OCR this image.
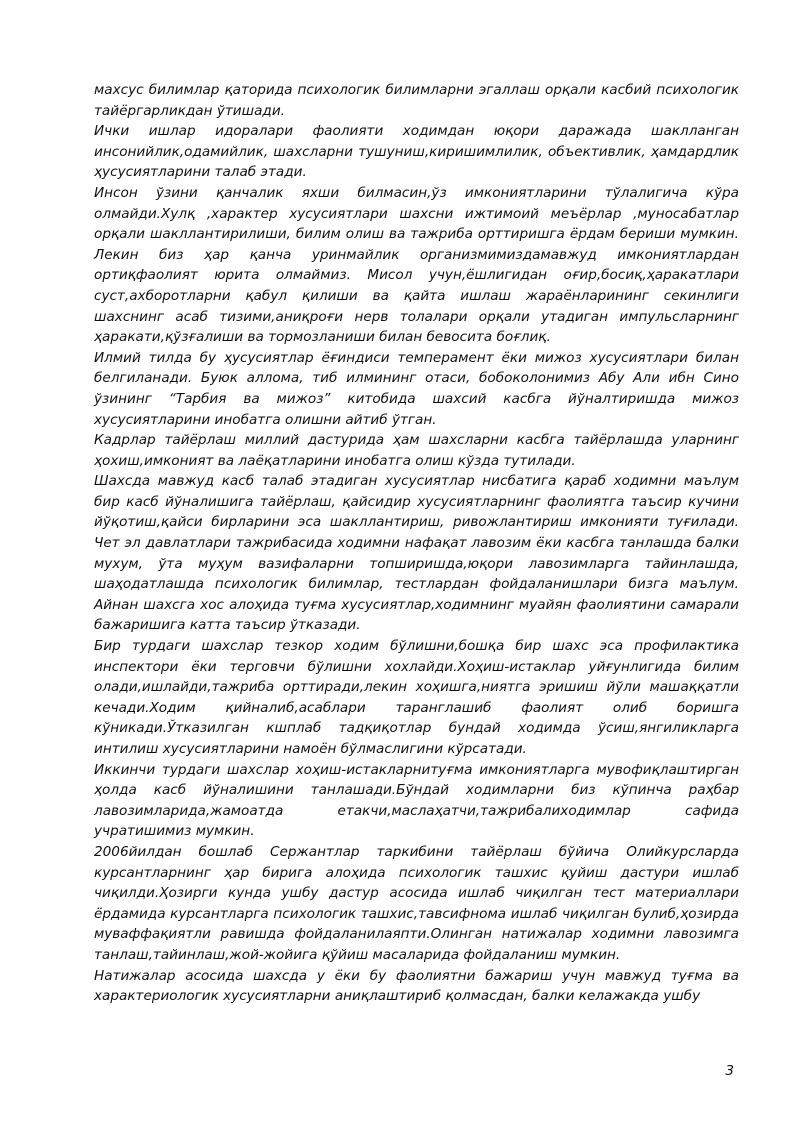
махсус билимлар қаторида психологик билимларни эгаллаш орқали касбий психологик тайёргарликдан ўтишади.

Ички ишлар идоралари фаолияти ходимдан юқори даражада шаклланган инсонийлик,одамийлик, шахсларни тушуниш,киришимлилик, объективлик, ҳамдардлик ҳусусиятларини талаб этади.

Инсон ўзини қанчалик яхши билмасин,ўз имкониятларини тўлалигича кўра олмайди.Хулқ ,характер хусусиятлари шахсни ижтимоий меъёрлар ,муносабатлар орқали шакллантирилиши, билим олиш ва тажриба орттиришга ёрдам бериши мумкин. Лекин биз ҳар қанча уринмайлик организмимиздамавжуд имкониятлардан ортиқфаолият юрита олмаймиз. Мисол учун,ёшлигидан оғир,босиқ,ҳаракатлари суст,ахборотларни қабул қилиши ва қайта ишлаш жараёнларининг секинлиги шахснинг асаб тизими,аниқроғи нерв толалари орқали утадиган импульсларнинг ҳаракати,қўзғалиши ва тормозланиши билан бевосита боғлиқ.

Илмий тилда бу ҳусусиятлар ёғиндиси темперамент ёки мижоз хусусиятлари билан белгиланади. Буюк аллома, тиб илмининг отаси, бобоколонимиз Абу Али ибн Сино ўзининг “Тарбия ва мижоз” китобида шахсий касбга йўналтиришда мижоз хусусиятларини инобатга олишни айтиб ўтган.

Кадрлар тайёрлаш миллий дастурида ҳам шахсларни касбга тайёрлашда уларнинг ҳохиш,имконият ва лаёқатларини инобатга олиш кўзда тутилади.

Шахсда мавжуд касб талаб этадиган хусусиятлар нисбатига қараб ходимни маълум бир касб йўналишига тайёрлаш, қайсидир хусусиятларнинг фаолиятга таъсир кучини йўқотиш,қайси бирларини эса шакллантириш, ривожлантириш имконияти туғилади. Чет эл давлатлари тажрибасида ходимни нафақат лавозим ёки касбга танлашда балки мухум, ўта муҳум вазифаларни топширишда,юқори лавозимларга тайинлашда, шаҳодатлашда психологик билимлар, тестлардан фойдаланишлари бизга маълум. Айнан шахсга хос алоҳида туғма хусусиятлар,ходимнинг муайян фаолиятини самарали бажаришига катта таъсир ўтказади.

Бир турдаги шахслар тезкор ходим бўлишни,бошқа бир шахс эса профилактика инспектори ёки терговчи бўлишни хохлайди.Хоҳиш-истаклар уйғунлигида билим олади,ишлайди,тажриба орттиради,лекин хоҳишга,ниятга эришиш йўли машаққатли кечади.Ходим қийналиб,асаблари таранглашиб фаолият олиб боришга кўникади.Ўтказилган кшплаб тадқиқотлар бундай ходимда ўсиш,янгиликларга интилиш хусусиятларини намоён бўлмаслигини кўрсатади.

Иккинчи турдаги шахслар хоҳиш-истакларнитуғма имкониятларга мувофиқлаштирган ҳолда касб йўналишини танлашади.Бўндай ходимларни биз кўпинча раҳбар лавозимларида,жамоатда етакчи,маслаҳатчи,тажрибалиходимлар сафида учратишимиз мумкин.

2006йилдан бошлаб Сержантлар таркибини тайёрлаш бўйича Олийкурсларда курсантларнинг ҳар бирига алоҳида психологик ташхис қуйиш дастури ишлаб чиқилди.Ҳозирги кунда ушбу дастур асосида ишлаб чиқилган тест материаллари ёрдамида курсантларга психологик ташхис,тавсифнома ишлаб чиқилган булиб,ҳозирда муваффақиятли равишда фойдаланилаяпти.Олинган натижалар ходимни лавозимга танлаш,тайинлаш,жой-жойига қўйиш масаларида фойдаланиш мумкин.

Натижалар асосида шахсда у ёки бу фаолиятни бажариш учун мавжуд туғма ва характериологик хусусиятларни аниқлаштириб қолмасдан, балки келажакда ушбу

3
